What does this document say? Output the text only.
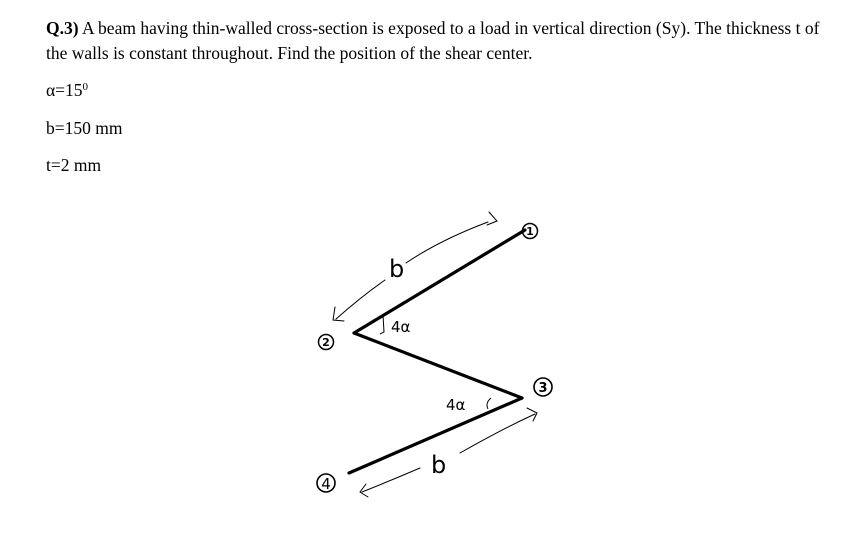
Q.3) A beam having thin-walled cross-section is exposed to a load in vertical direction (Sy). The thickness t of the walls is constant throughout. Find the position of the shear center.
$\alpha=15^0$
b=150 mm
t=2 mm
b
4α
4α
b
1
2
3
4
